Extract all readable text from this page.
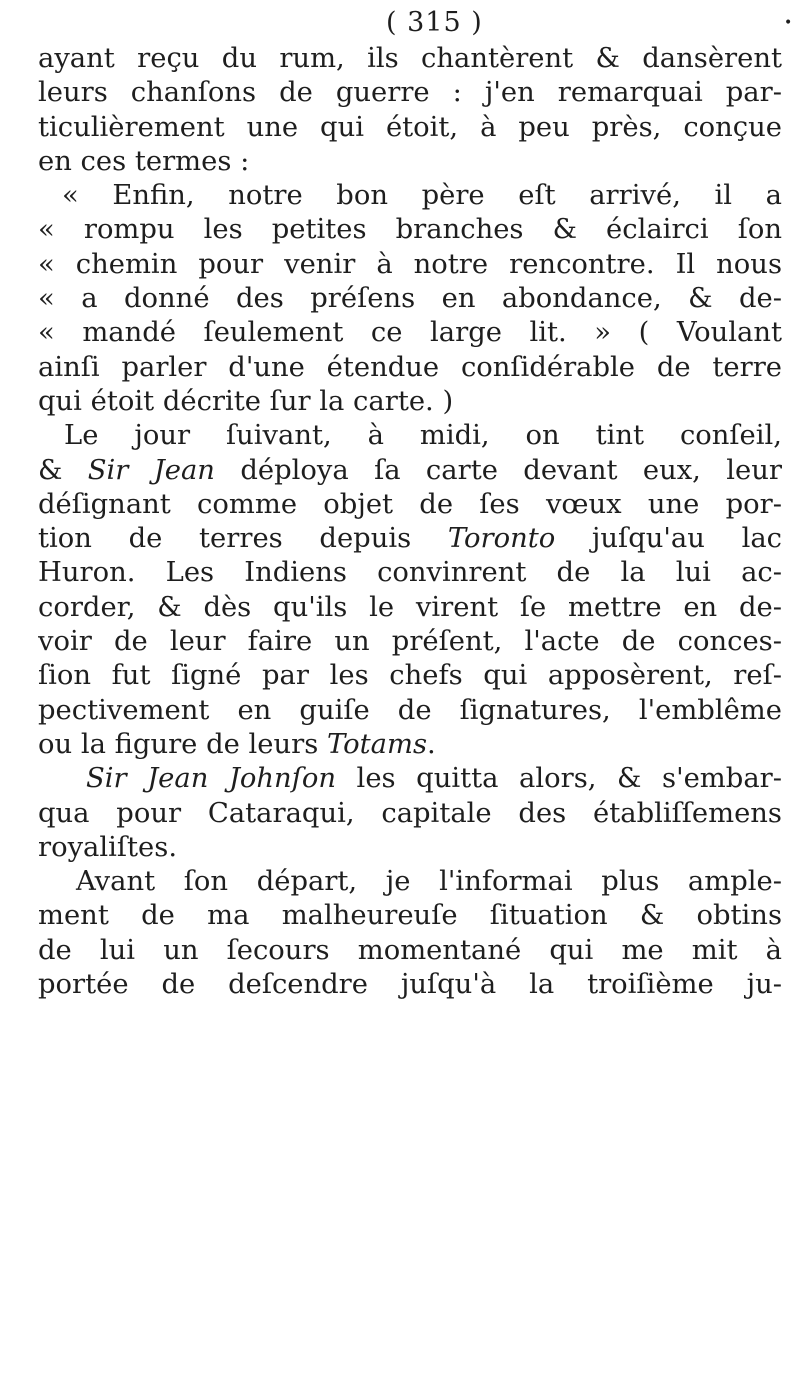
( 315 )	•
ayant reçu du rum, ils chantèrent & dansèrent
leurs chanſons de guerre : j'en remarquai par-
ticulièrement une qui étoit, à peu près, conçue
en ces termes :
« Enfin, notre bon père eſt arrivé, il a
« rompu les petites branches & éclairci ſon
« chemin pour venir à notre rencontre. Il nous
« a donné des préſens en abondance, & de-
« mandé ſeulement ce large lit. » ( Voulant
ainſi parler d'une étendue conſidérable de terre
qui étoit décrite ſur la carte. )
Le jour ſuivant, à midi, on tint conſeil,
& Sir Jean déploya ſa carte devant eux, leur
déſignant comme objet de ſes vœux une por-
tion de terres depuis Toronto juſqu'au lac
Huron. Les Indiens convinrent de la lui ac-
corder, & dès qu'ils le virent ſe mettre en de-
voir de leur faire un préſent, l'acte de conces-
ſion fut ſigné par les chefs qui apposèrent, reſ-
pectivement en guiſe de ſignatures, l'emblême
ou la figure de leurs Totams.
Sir Jean Johnſon les quitta alors, & s'embar-
qua pour Cataraqui, capitale des établiſſemens
royaliſtes.
Avant ſon départ, je l'informai plus ample-
ment de ma malheureuſe ſituation & obtins
de lui un ſecours momentané qui me mit à
portée de deſcendre juſqu'à la troiſième ju-
